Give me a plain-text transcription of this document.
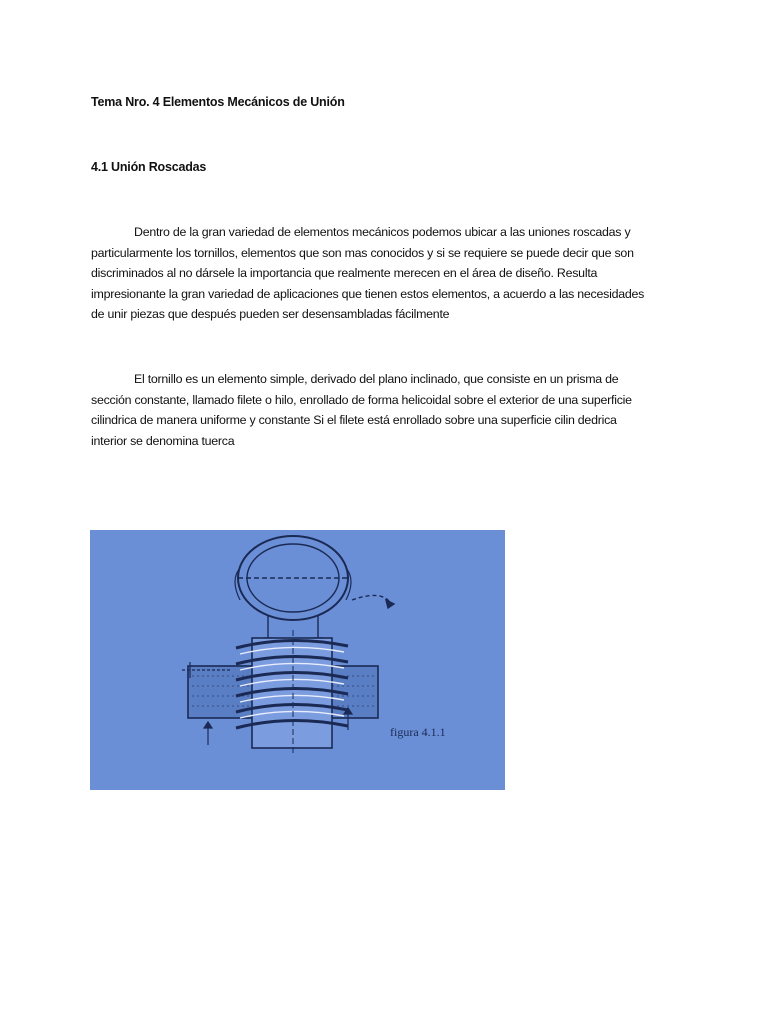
Tema Nro. 4 Elementos Mecánicos de Unión
4.1 Unión Roscadas
Dentro de la gran variedad de elementos mecánicos podemos ubicar a las uniones roscadas y
particularmente los tornillos, elementos que son mas conocidos y si se requiere se puede decir que son
discriminados al no dársele la importancia que realmente merecen en el área de diseño. Resulta
impresionante la gran variedad de aplicaciones que tienen estos elementos, a acuerdo a las necesidades
de unir piezas que después pueden ser desensambladas fácilmente
El tornillo es un elemento simple, derivado del plano inclinado, que consiste en un prisma de
sección constante, llamado filete o hilo, enrollado de forma helicoidal sobre el exterior de una superficie
cilindrica de manera uniforme y constante Si el filete está enrollado sobre una superficie cilin dedrica
interior se denomina tuerca
figura 4.1.1
